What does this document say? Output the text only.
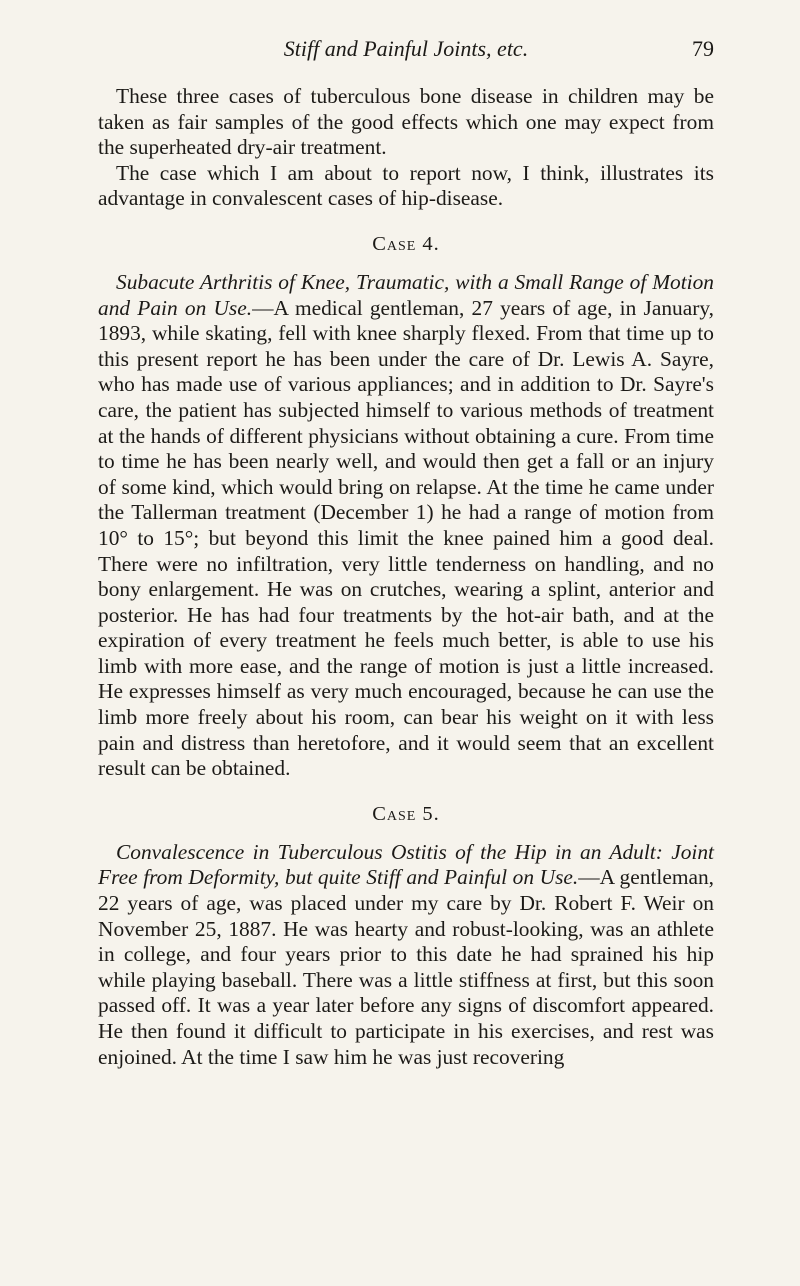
Stiff and Painful Joints, etc.	79

These three cases of tuberculous bone disease in children may be taken as fair samples of the good effects which one may expect from the superheated dry-air treatment.

The case which I am about to report now, I think, illustrates its advantage in convalescent cases of hip-disease.

Case 4.

Subacute Arthritis of Knee, Traumatic, with a Small Range of Motion and Pain on Use.—A medical gentleman, 27 years of age, in January, 1893, while skating, fell with knee sharply flexed. From that time up to this present report he has been under the care of Dr. Lewis A. Sayre, who has made use of various appliances; and in addition to Dr. Sayre's care, the patient has subjected himself to various methods of treatment at the hands of different physicians without obtaining a cure. From time to time he has been nearly well, and would then get a fall or an injury of some kind, which would bring on relapse. At the time he came under the Tallerman treatment (December 1) he had a range of motion from 10° to 15°; but beyond this limit the knee pained him a good deal. There were no infiltration, very little tenderness on handling, and no bony enlargement. He was on crutches, wearing a splint, anterior and posterior. He has had four treatments by the hot-air bath, and at the expiration of every treatment he feels much better, is able to use his limb with more ease, and the range of motion is just a little increased. He expresses himself as very much encouraged, because he can use the limb more freely about his room, can bear his weight on it with less pain and distress than heretofore, and it would seem that an excellent result can be obtained.

Case 5.

Convalescence in Tuberculous Ostitis of the Hip in an Adult: Joint Free from Deformity, but quite Stiff and Painful on Use.—A gentleman, 22 years of age, was placed under my care by Dr. Robert F. Weir on November 25, 1887. He was hearty and robust-looking, was an athlete in college, and four years prior to this date he had sprained his hip while playing baseball. There was a little stiffness at first, but this soon passed off. It was a year later before any signs of discomfort appeared. He then found it difficult to participate in his exercises, and rest was enjoined. At the time I saw him he was just recovering
